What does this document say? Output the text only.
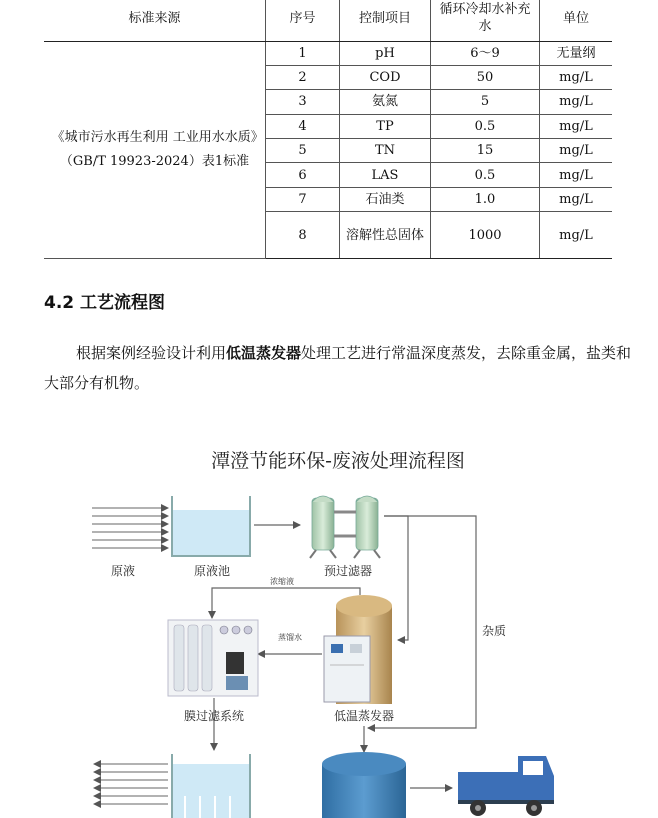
标准来源	序号	控制项目	循环冷却水补充水	单位
《城市污水再生利用 工业用水水质》（GB/T 19923-2024）表1标准	1	pH	6～9	无量纲
	2	COD	50	mg/L
	3	氨氮	5	mg/L
	4	TP	0.5	mg/L
	5	TN	15	mg/L
	6	LAS	0.5	mg/L
	7	石油类	1.0	mg/L
	8	溶解性总固体	1000	mg/L
4.2 工艺流程图
根据案例经验设计利用低温蒸发器处理工艺进行常温深度蒸发，去除重金属，盐类和大部分有机物。
潭澄节能环保-废液处理流程图
原液	原液池	预过滤器
杂质
浓缩液
低温蒸发器
蒸馏水
膜过滤系统
